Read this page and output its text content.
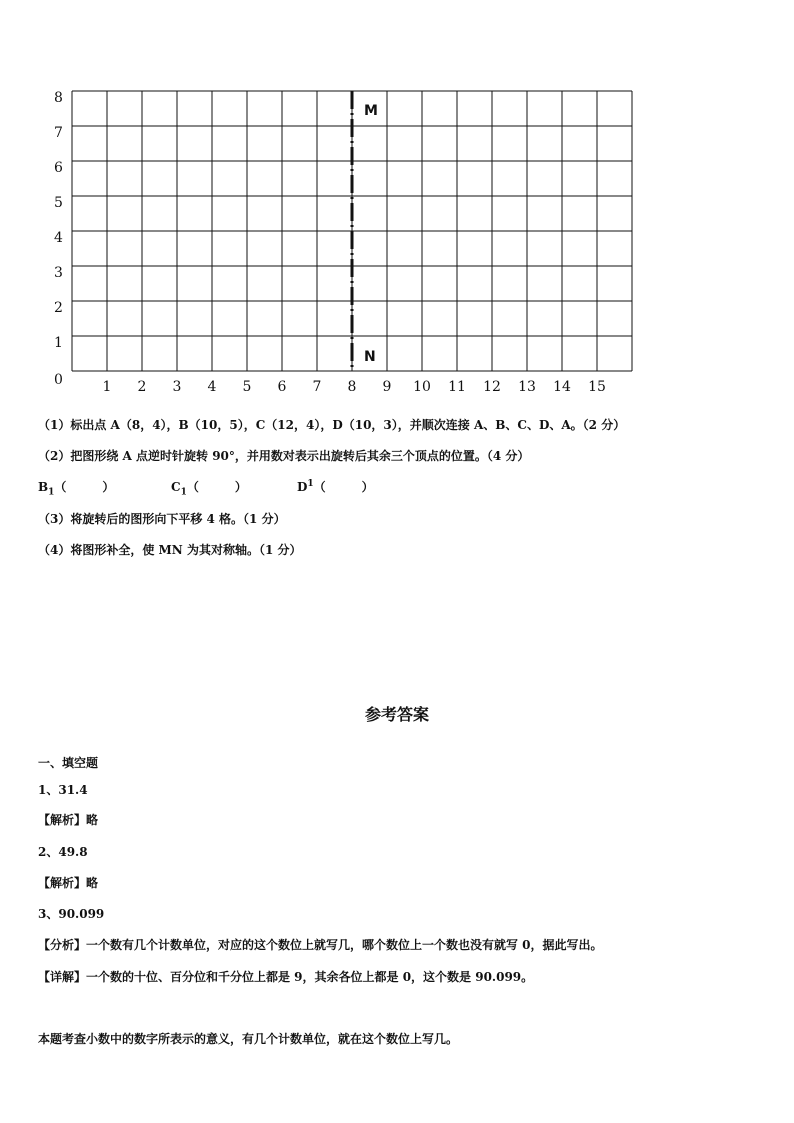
0
1
2
3
4
5
6
7
8
1 2 3 4 5 6 7 8 9 10 11 12 13 14 15
M
N
（1）标出点 A（8，4），B（10，5），C（12，4），D（10，3），并顺次连接 A、B、C、D、A。（2 分）
（2）把图形绕 A 点逆时针旋转 90°，并用数对表示出旋转后其余三个顶点的位置。（4 分）
$B_1$（　　　）	$C_1$（　　　）	$D^1$（　　　）
（3）将旋转后的图形向下平移 4 格。（1 分）
（4）将图形补全，使 MN 为其对称轴。（1 分）
参考答案
一、填空题
1、31.4
【解析】略
2、49.8
【解析】略
3、90.099
【分析】一个数有几个计数单位，对应的这个数位上就写几，哪个数位上一个数也没有就写 0，据此写出。
【详解】一个数的十位、百分位和千分位上都是 9，其余各位上都是 0，这个数是 90.099。
本题考查小数中的数字所表示的意义，有几个计数单位，就在这个数位上写几。
